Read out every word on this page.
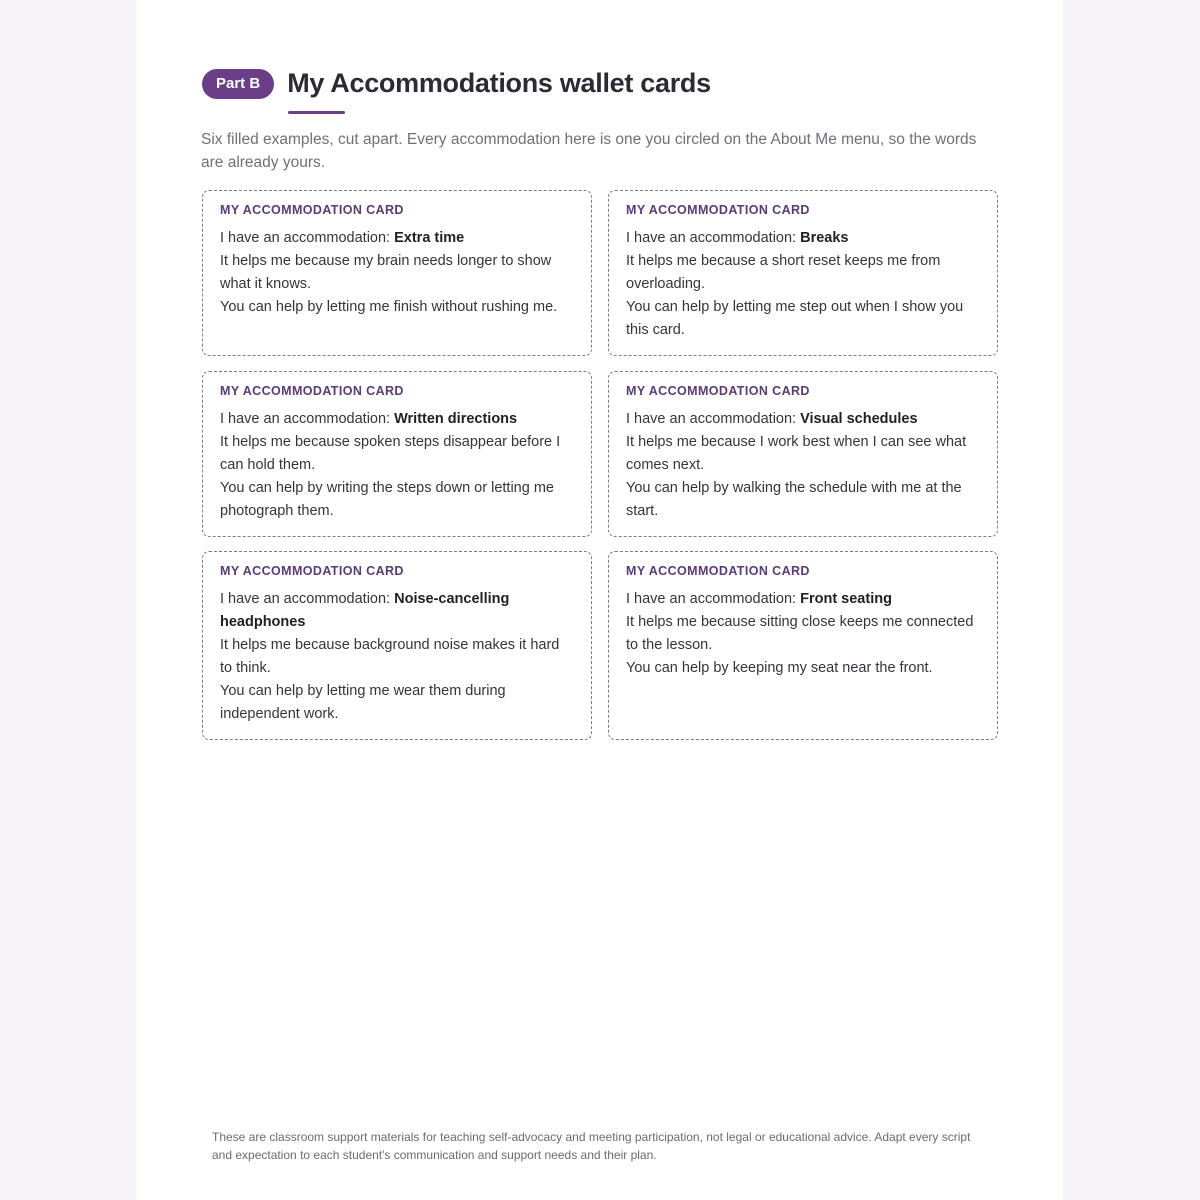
Part B	My Accommodations wallet cards
Six filled examples, cut apart. Every accommodation here is one you circled on the About Me menu, so the words are already yours.
MY ACCOMMODATION CARD

I have an accommodation: Extra time

It helps me because my brain needs longer to show what it knows.

You can help by letting me finish without rushing me.

MY ACCOMMODATION CARD

I have an accommodation: Breaks

It helps me because a short reset keeps me from overloading.

You can help by letting me step out when I show you this card.

MY ACCOMMODATION CARD

I have an accommodation: Written directions

It helps me because spoken steps disappear before I can hold them.

You can help by writing the steps down or letting me photograph them.

MY ACCOMMODATION CARD

I have an accommodation: Visual schedules

It helps me because I work best when I can see what comes next.

You can help by walking the schedule with me at the start.

MY ACCOMMODATION CARD

I have an accommodation: Noise-cancelling headphones

It helps me because background noise makes it hard to think.

You can help by letting me wear them during independent work.

MY ACCOMMODATION CARD

I have an accommodation: Front seating

It helps me because sitting close keeps me connected to the lesson.

You can help by keeping my seat near the front.

These are classroom support materials for teaching self-advocacy and meeting participation, not legal or educational advice. Adapt every script and expectation to each student's communication and support needs and their plan.
